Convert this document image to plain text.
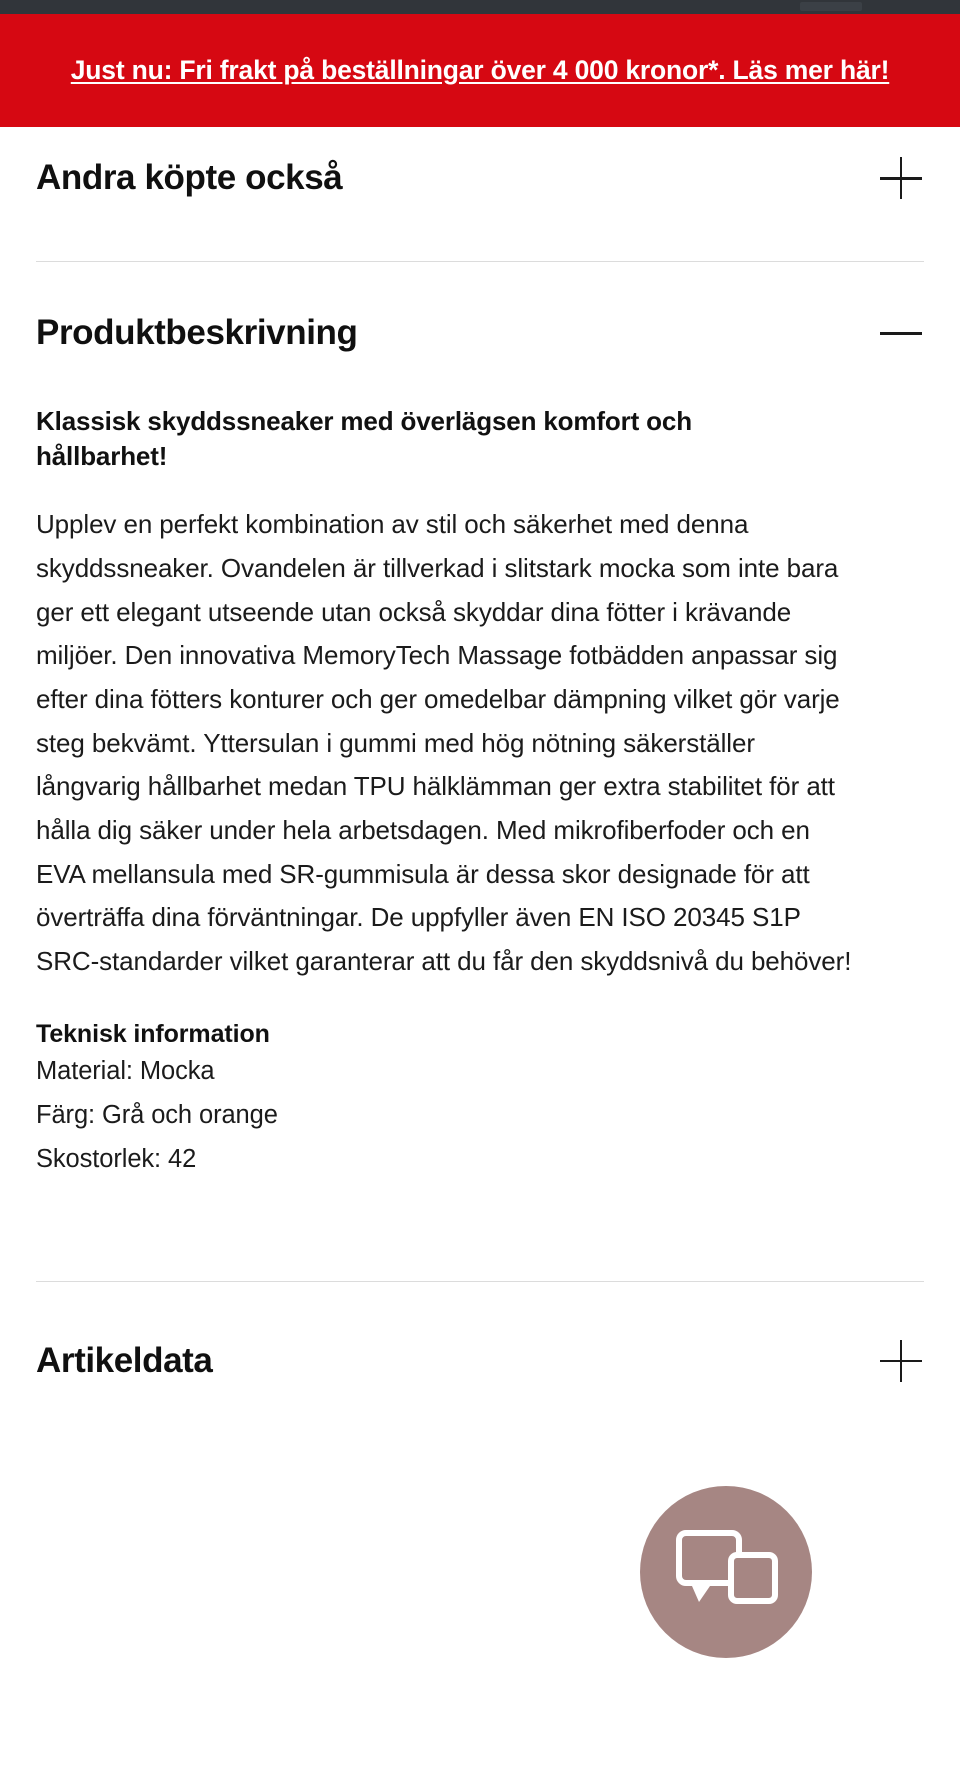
Just nu: Fri frakt på beställningar över 4 000 kronor*. Läs mer här!
Andra köpte också
Produktbeskrivning
Klassisk skyddssneaker med överlägsen komfort och hållbarhet!
Upplev en perfekt kombination av stil och säkerhet med denna skyddssneaker. Ovandelen är tillverkad i slitstark mocka som inte bara ger ett elegant utseende utan också skyddar dina fötter i krävande miljöer. Den innovativa MemoryTech Massage fotbädden anpassar sig efter dina fötters konturer och ger omedelbar dämpning vilket gör varje steg bekvämt. Yttersulan i gummi med hög nötning säkerställer långvarig hållbarhet medan TPU hälklämman ger extra stabilitet för att hålla dig säker under hela arbetsdagen. Med mikrofiberfoder och en EVA mellansula med SR-gummisula är dessa skor designade för att överträffa dina förväntningar. De uppfyller även EN ISO 20345 S1P SRC-standarder vilket garanterar att du får den skyddsnivå du behöver!
Teknisk information
Material: Mocka
Färg: Grå och orange
Skostorlek: 42
Artikeldata
